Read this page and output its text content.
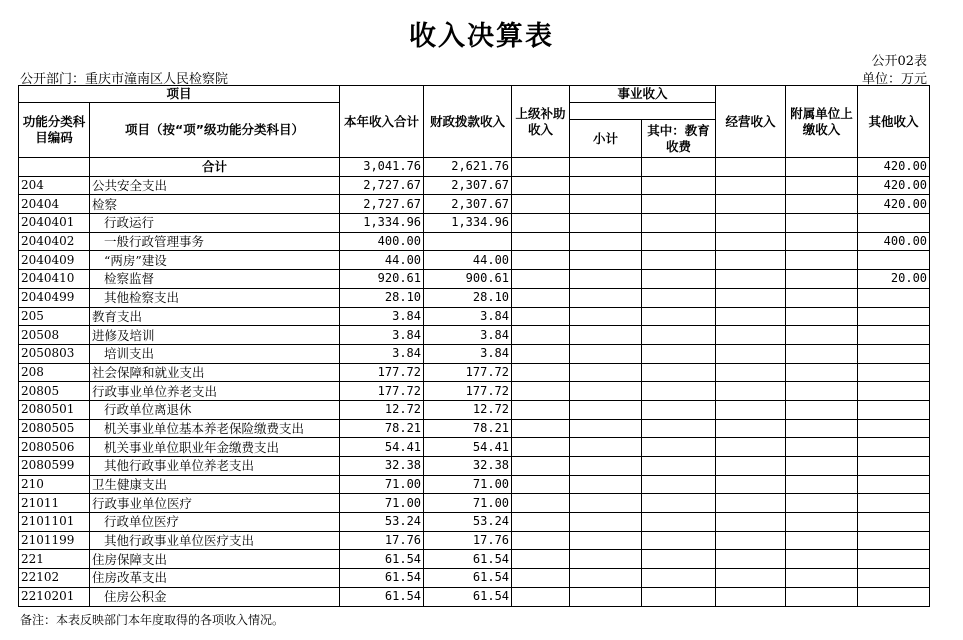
收入决算表
公开02表
公开部门：重庆市潼南区人民检察院	单位：万元
项目		本年收入合计	财政拨款收入	上级补助收入	事业收入		经营收入	附属单位上缴收入	其他收入
功能分类科目编码	项目（按“项”级功能分类科目）								
					小计	其中：教育收费			
	合计	3,041.76	2,621.76						420.00
204	公共安全支出	2,727.67	2,307.67						420.00
20404	检察	2,727.67	2,307.67						420.00
2040401	行政运行	1,334.96	1,334.96						
2040402	一般行政管理事务	400.00							400.00
2040409	“两房”建设	44.00	44.00						
2040410	检察监督	920.61	900.61						20.00
2040499	其他检察支出	28.10	28.10						
205	教育支出	3.84	3.84						
20508	进修及培训	3.84	3.84						
2050803	培训支出	3.84	3.84						
208	社会保障和就业支出	177.72	177.72						
20805	行政事业单位养老支出	177.72	177.72						
2080501	行政单位离退休	12.72	12.72						
2080505	机关事业单位基本养老保险缴费支出	78.21	78.21						
2080506	机关事业单位职业年金缴费支出	54.41	54.41						
2080599	其他行政事业单位养老支出	32.38	32.38						
210	卫生健康支出	71.00	71.00						
21011	行政事业单位医疗	71.00	71.00						
2101101	行政单位医疗	53.24	53.24						
2101199	其他行政事业单位医疗支出	17.76	17.76						
221	住房保障支出	61.54	61.54						
22102	住房改革支出	61.54	61.54						
2210201	住房公积金	61.54	61.54						
备注：本表反映部门本年度取得的各项收入情况。
